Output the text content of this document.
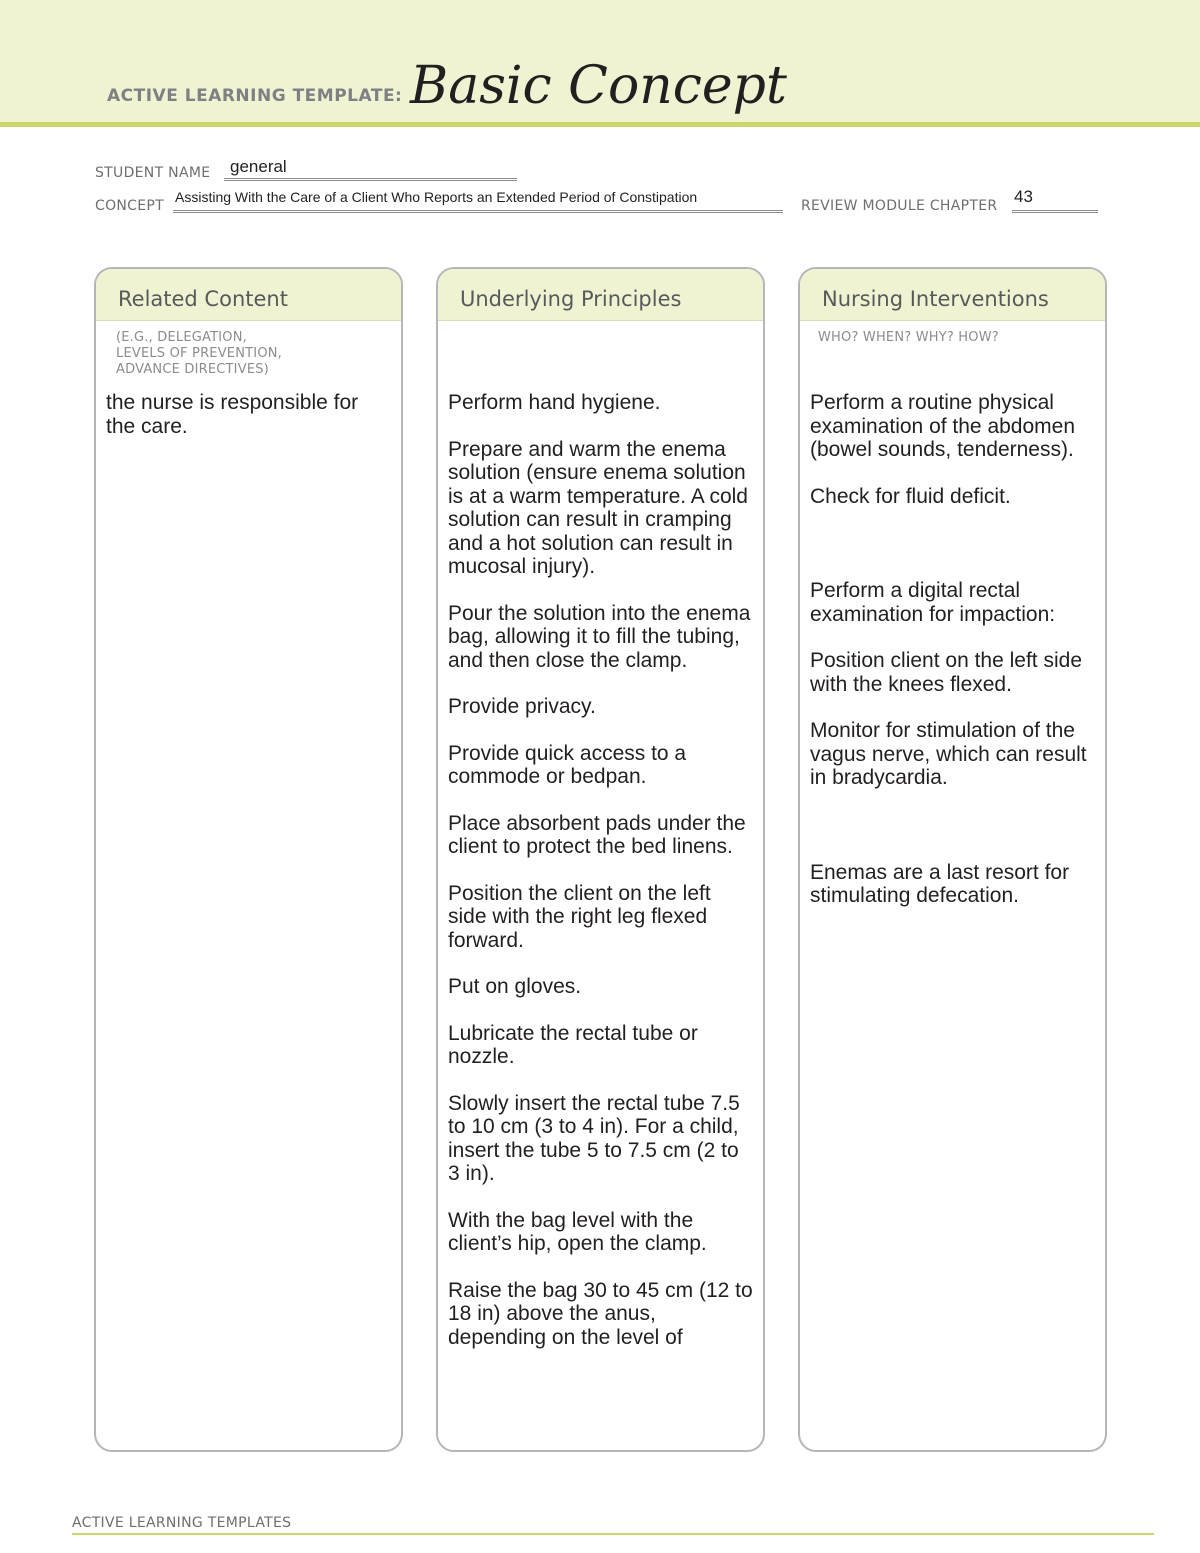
ACTIVE LEARNING TEMPLATE: Basic Concept
STUDENT NAME general
CONCEPT
Assisting With the Care of a Client Who Reports an Extended Period of Constipation
REVIEW MODULE CHAPTER 43
Related Content
(E.G., DELEGATION,
LEVELS OF PREVENTION,
ADVANCE DIRECTIVES)

the nurse is responsible for the care.

Underlying Principles

Perform hand hygiene.

Prepare and warm the enema solution (ensure enema solution is at a warm temperature. A cold solution can result in cramping and a hot solution can result in mucosal injury).

Pour the solution into the enema bag, allowing it to fill the tubing, and then close the clamp.

Provide privacy.

Provide quick access to a commode or bedpan.

Place absorbent pads under the client to protect the bed linens.

Position the client on the left side with the right leg flexed forward.

Put on gloves.

Lubricate the rectal tube or nozzle.

Slowly insert the rectal tube 7.5 to 10 cm (3 to 4 in). For a child, insert the tube 5 to 7.5 cm (2 to 3 in).

With the bag level with the client’s hip, open the clamp.

Raise the bag 30 to 45 cm (12 to 18 in) above the anus, depending on the level of

Nursing Interventions
WHO? WHEN? WHY? HOW?

Perform a routine physical examination of the abdomen (bowel sounds, tenderness).

Check for fluid deficit.

Perform a digital rectal examination for impaction:

Position client on the left side with the knees flexed.

Monitor for stimulation of the vagus nerve, which can result in bradycardia.

Enemas are a last resort for stimulating defecation.

ACTIVE LEARNING TEMPLATES
